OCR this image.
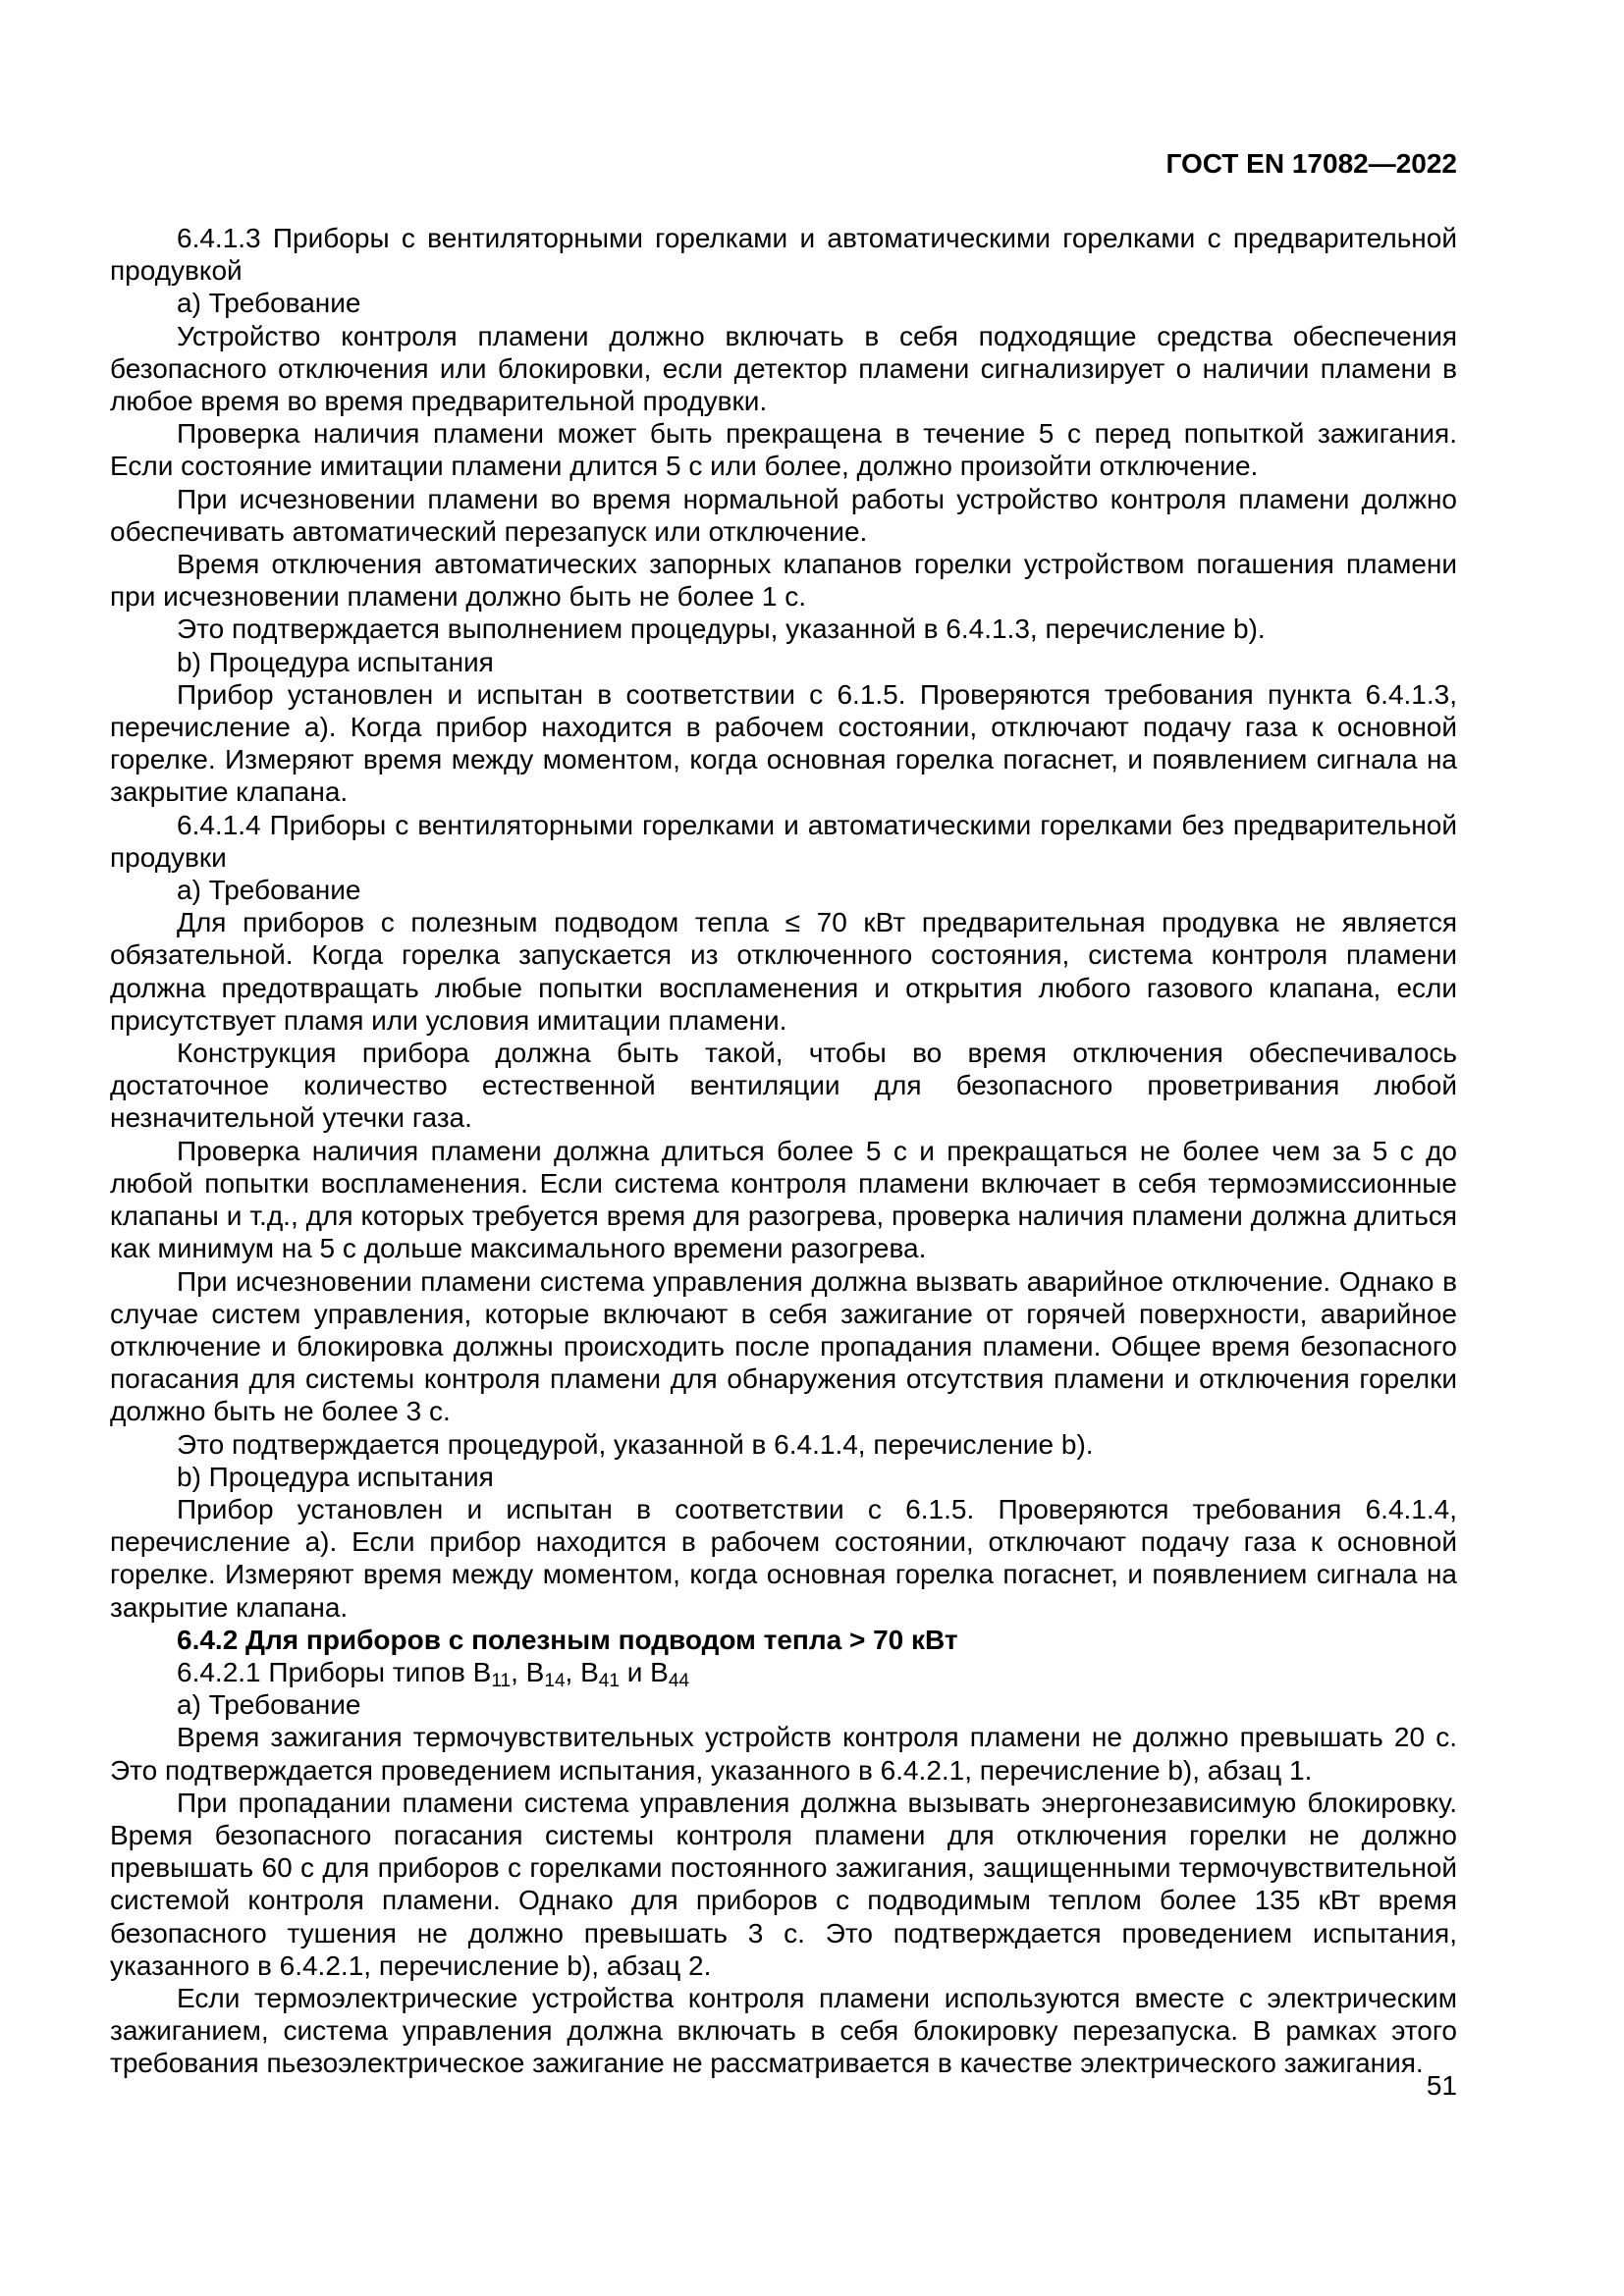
ГОСТ EN 17082—2022

6.4.1.3 Приборы с вентиляторными горелками и автоматическими горелками с предварительной продувкой

a) Требование

Устройство контроля пламени должно включать в себя подходящие средства обеспечения безопасного отключения или блокировки, если детектор пламени сигнализирует о наличии пламени в любое время во время предварительной продувки.

Проверка наличия пламени может быть прекращена в течение 5 с перед попыткой зажигания. Если состояние имитации пламени длится 5 с или более, должно произойти отключение.

При исчезновении пламени во время нормальной работы устройство контроля пламени должно обеспечивать автоматический перезапуск или отключение.

Время отключения автоматических запорных клапанов горелки устройством погашения пламени при исчезновении пламени должно быть не более 1 с.

Это подтверждается выполнением процедуры, указанной в 6.4.1.3, перечисление b).

b) Процедура испытания

Прибор установлен и испытан в соответствии с 6.1.5. Проверяются требования пункта 6.4.1.3, перечисление a). Когда прибор находится в рабочем состоянии, отключают подачу газа к основной горелке. Измеряют время между моментом, когда основная горелка погаснет, и появлением сигнала на закрытие клапана.

6.4.1.4 Приборы с вентиляторными горелками и автоматическими горелками без предварительной продувки

a) Требование

Для приборов с полезным подводом тепла ≤ 70 кВт предварительная продувка не является обязательной. Когда горелка запускается из отключенного состояния, система контроля пламени должна предотвращать любые попытки воспламенения и открытия любого газового клапана, если присутствует пламя или условия имитации пламени.

Конструкция прибора должна быть такой, чтобы во время отключения обеспечивалось достаточное количество естественной вентиляции для безопасного проветривания любой незначительной утечки газа.

Проверка наличия пламени должна длиться более 5 с и прекращаться не более чем за 5 с до любой попытки воспламенения. Если система контроля пламени включает в себя термоэмиссионные клапаны и т.д., для которых требуется время для разогрева, проверка наличия пламени должна длиться как минимум на 5 с дольше максимального времени разогрева.

При исчезновении пламени система управления должна вызвать аварийное отключение. Однако в случае систем управления, которые включают в себя зажигание от горячей поверхности, аварийное отключение и блокировка должны происходить после пропадания пламени. Общее время безопасного погасания для системы контроля пламени для обнаружения отсутствия пламени и отключения горелки должно быть не более 3 с.

Это подтверждается процедурой, указанной в 6.4.1.4, перечисление b).

b) Процедура испытания

Прибор установлен и испытан в соответствии с 6.1.5. Проверяются требования 6.4.1.4, перечисление a). Если прибор находится в рабочем состоянии, отключают подачу газа к основной горелке. Измеряют время между моментом, когда основная горелка погаснет, и появлением сигнала на закрытие клапана.

6.4.2 Для приборов с полезным подводом тепла > 70 кВт

6.4.2.1 Приборы типов $B_{11}$, $B_{14}$, $B_{41}$ и $B_{44}$

a) Требование

Время зажигания термочувствительных устройств контроля пламени не должно превышать 20 с. Это подтверждается проведением испытания, указанного в 6.4.2.1, перечисление b), абзац 1.

При пропадании пламени система управления должна вызывать энергонезависимую блокировку. Время безопасного погасания системы контроля пламени для отключения горелки не должно превышать 60 с для приборов с горелками постоянного зажигания, защищенными термочувствительной системой контроля пламени. Однако для приборов с подводимым теплом более 135 кВт время безопасного тушения не должно превышать 3 с. Это подтверждается проведением испытания, указанного в 6.4.2.1, перечисление b), абзац 2.

Если термоэлектрические устройства контроля пламени используются вместе с электрическим зажиганием, система управления должна включать в себя блокировку перезапуска. В рамках этого требования пьезоэлектрическое зажигание не рассматривается в качестве электрического зажигания.

51
